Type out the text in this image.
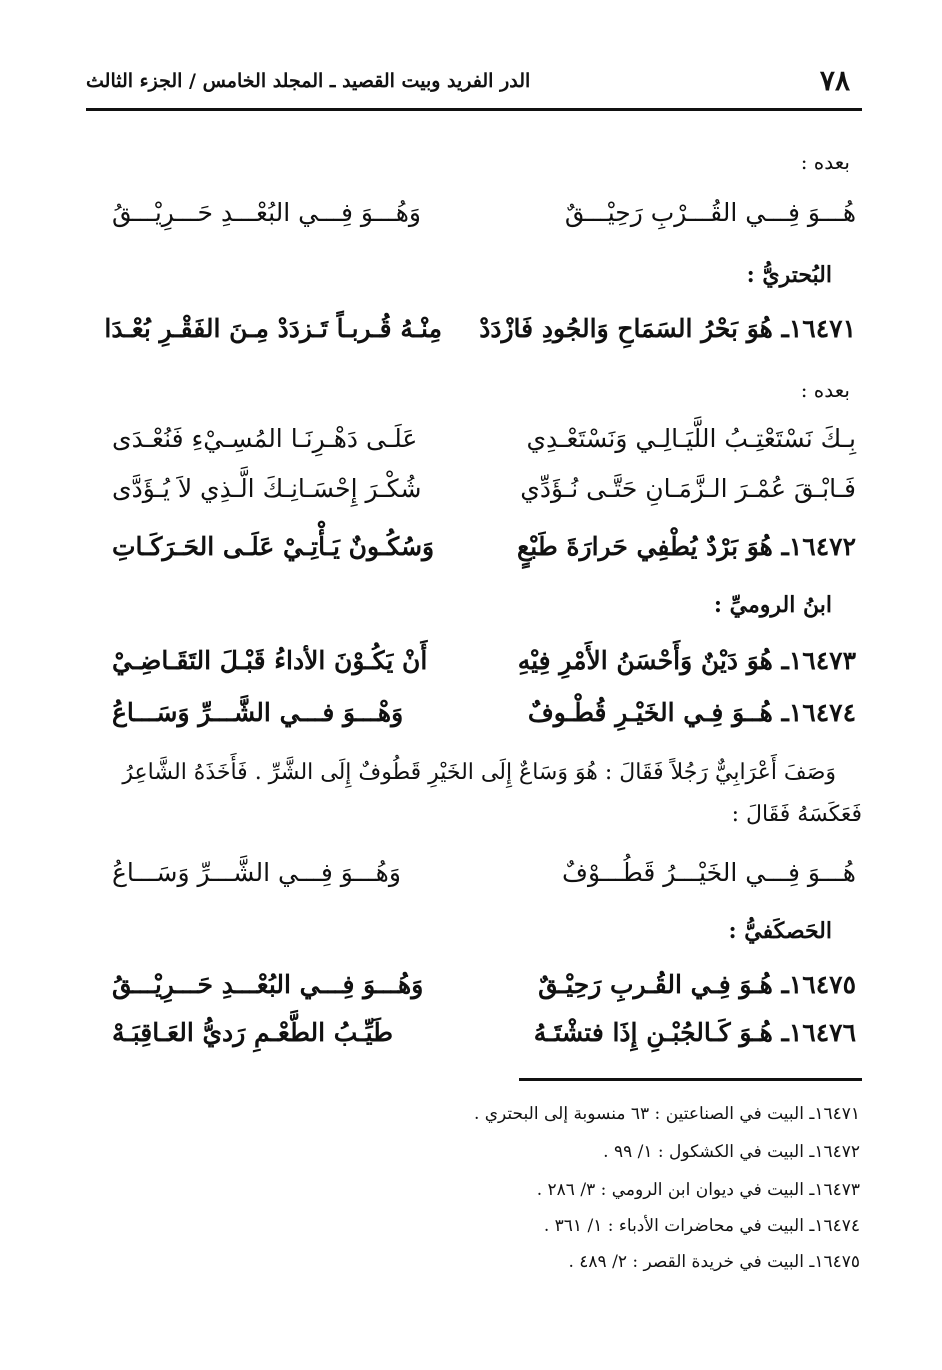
٧٨
الدر الفريد وبيت القصيد ـ المجلد الخامس / الجزء الثالث
بعده :
هُـــوَ فِـــي القُـــرْبِ رَحِيْـــقٌ
وَهُـــوَ فِـــي البُعْـــدِ حَـــرِيْـــقُ
البُحتريُّ :
١٦٤٧١ـ هُوَ بَحْرُ السَمَاحِ وَالجُودِ فَازْدَدْ
مِنْـهُ قُـربـاً تَـزدَدْ مِـنَ الفَقْـرِ بُعْـدَا
بعده :
بِـكَ نَسْتَعْتِـبُ اللَّيَـالِـي وَنَسْتَعْـدِي
عَلَـى دَهْـرِنَـا المُسِـيْءِ فَنُعْـدَى
فَـابْـقَ عُمْـرَ الـزَّمَـانِ حَتَّـى نُـؤَدِّي
شُكْـرَ إِحْسَـانِـكَ الَّـذِي لاَ يُـؤَدَّى
١٦٤٧٢ـ هُوَ بَرْدٌ يُطْفِي حَرارَةَ طَبْعٍ
وَسُكُـونٌ يَـأْتِـيْ عَلَـى الحَـرَكَـاتِ
ابنُ الروميِّ :
١٦٤٧٣ـ هُوَ دَيْنٌ وَأَحْسَنُ الأَمْرِ فِيْهِ
أَنْ يَكُـوْنَ الأداءُ قَبْـلَ التَقَـاضِـيْ
١٦٤٧٤ـ هُــوَ فِـي الخَيْـرِ قُطْـوفٌ
وَهْـــوَ فـــي الشَّـــرِّ وَسَـــاعُ
وَصَفَ أَعْرَابِيٌّ رَجُلاً فَقَالَ : هُوَ وَسَاعٌ إِلَى الخَيْرِ قَطُوفٌ إِلَى الشَّرِّ . فَأَخَذَهُ الشَّاعِرُ
فَعَكَسَهُ فَقَالَ :
هُـــوَ فِـــي الخَيْـــرُ قَطُـــوْفٌ
وَهُـــوَ فِـــي الشَّـــرِّ وَسَـــاعُ
الحَصكَفيُّ :
١٦٤٧٥ـ هُـوَ فِـي القُـربِ رَحِيْـقٌ
وَهُـــوَ فِـــي البُعْـــدِ حَـــرِيْـــقُ
١٦٤٧٦ـ هُـوَ كَـالجُبْـنِ إِذَا فتشْتَـهُ
طَيِّـبُ الطَّعْـمِ رَديُّ العَـاقِبَـهْ
١٦٤٧١ـ البيت في الصناعتين : ٦٣ منسوبة إلى البحتري .
١٦٤٧٢ـ البيت في الكشكول : ١/ ٩٩ .
١٦٤٧٣ـ البيت في ديوان ابن الرومي : ٣/ ٢٨٦ .
١٦٤٧٤ـ البيت في محاضرات الأدباء : ١/ ٣٦١ .
١٦٤٧٥ـ البيت في خريدة القصر : ٢/ ٤٨٩ .
